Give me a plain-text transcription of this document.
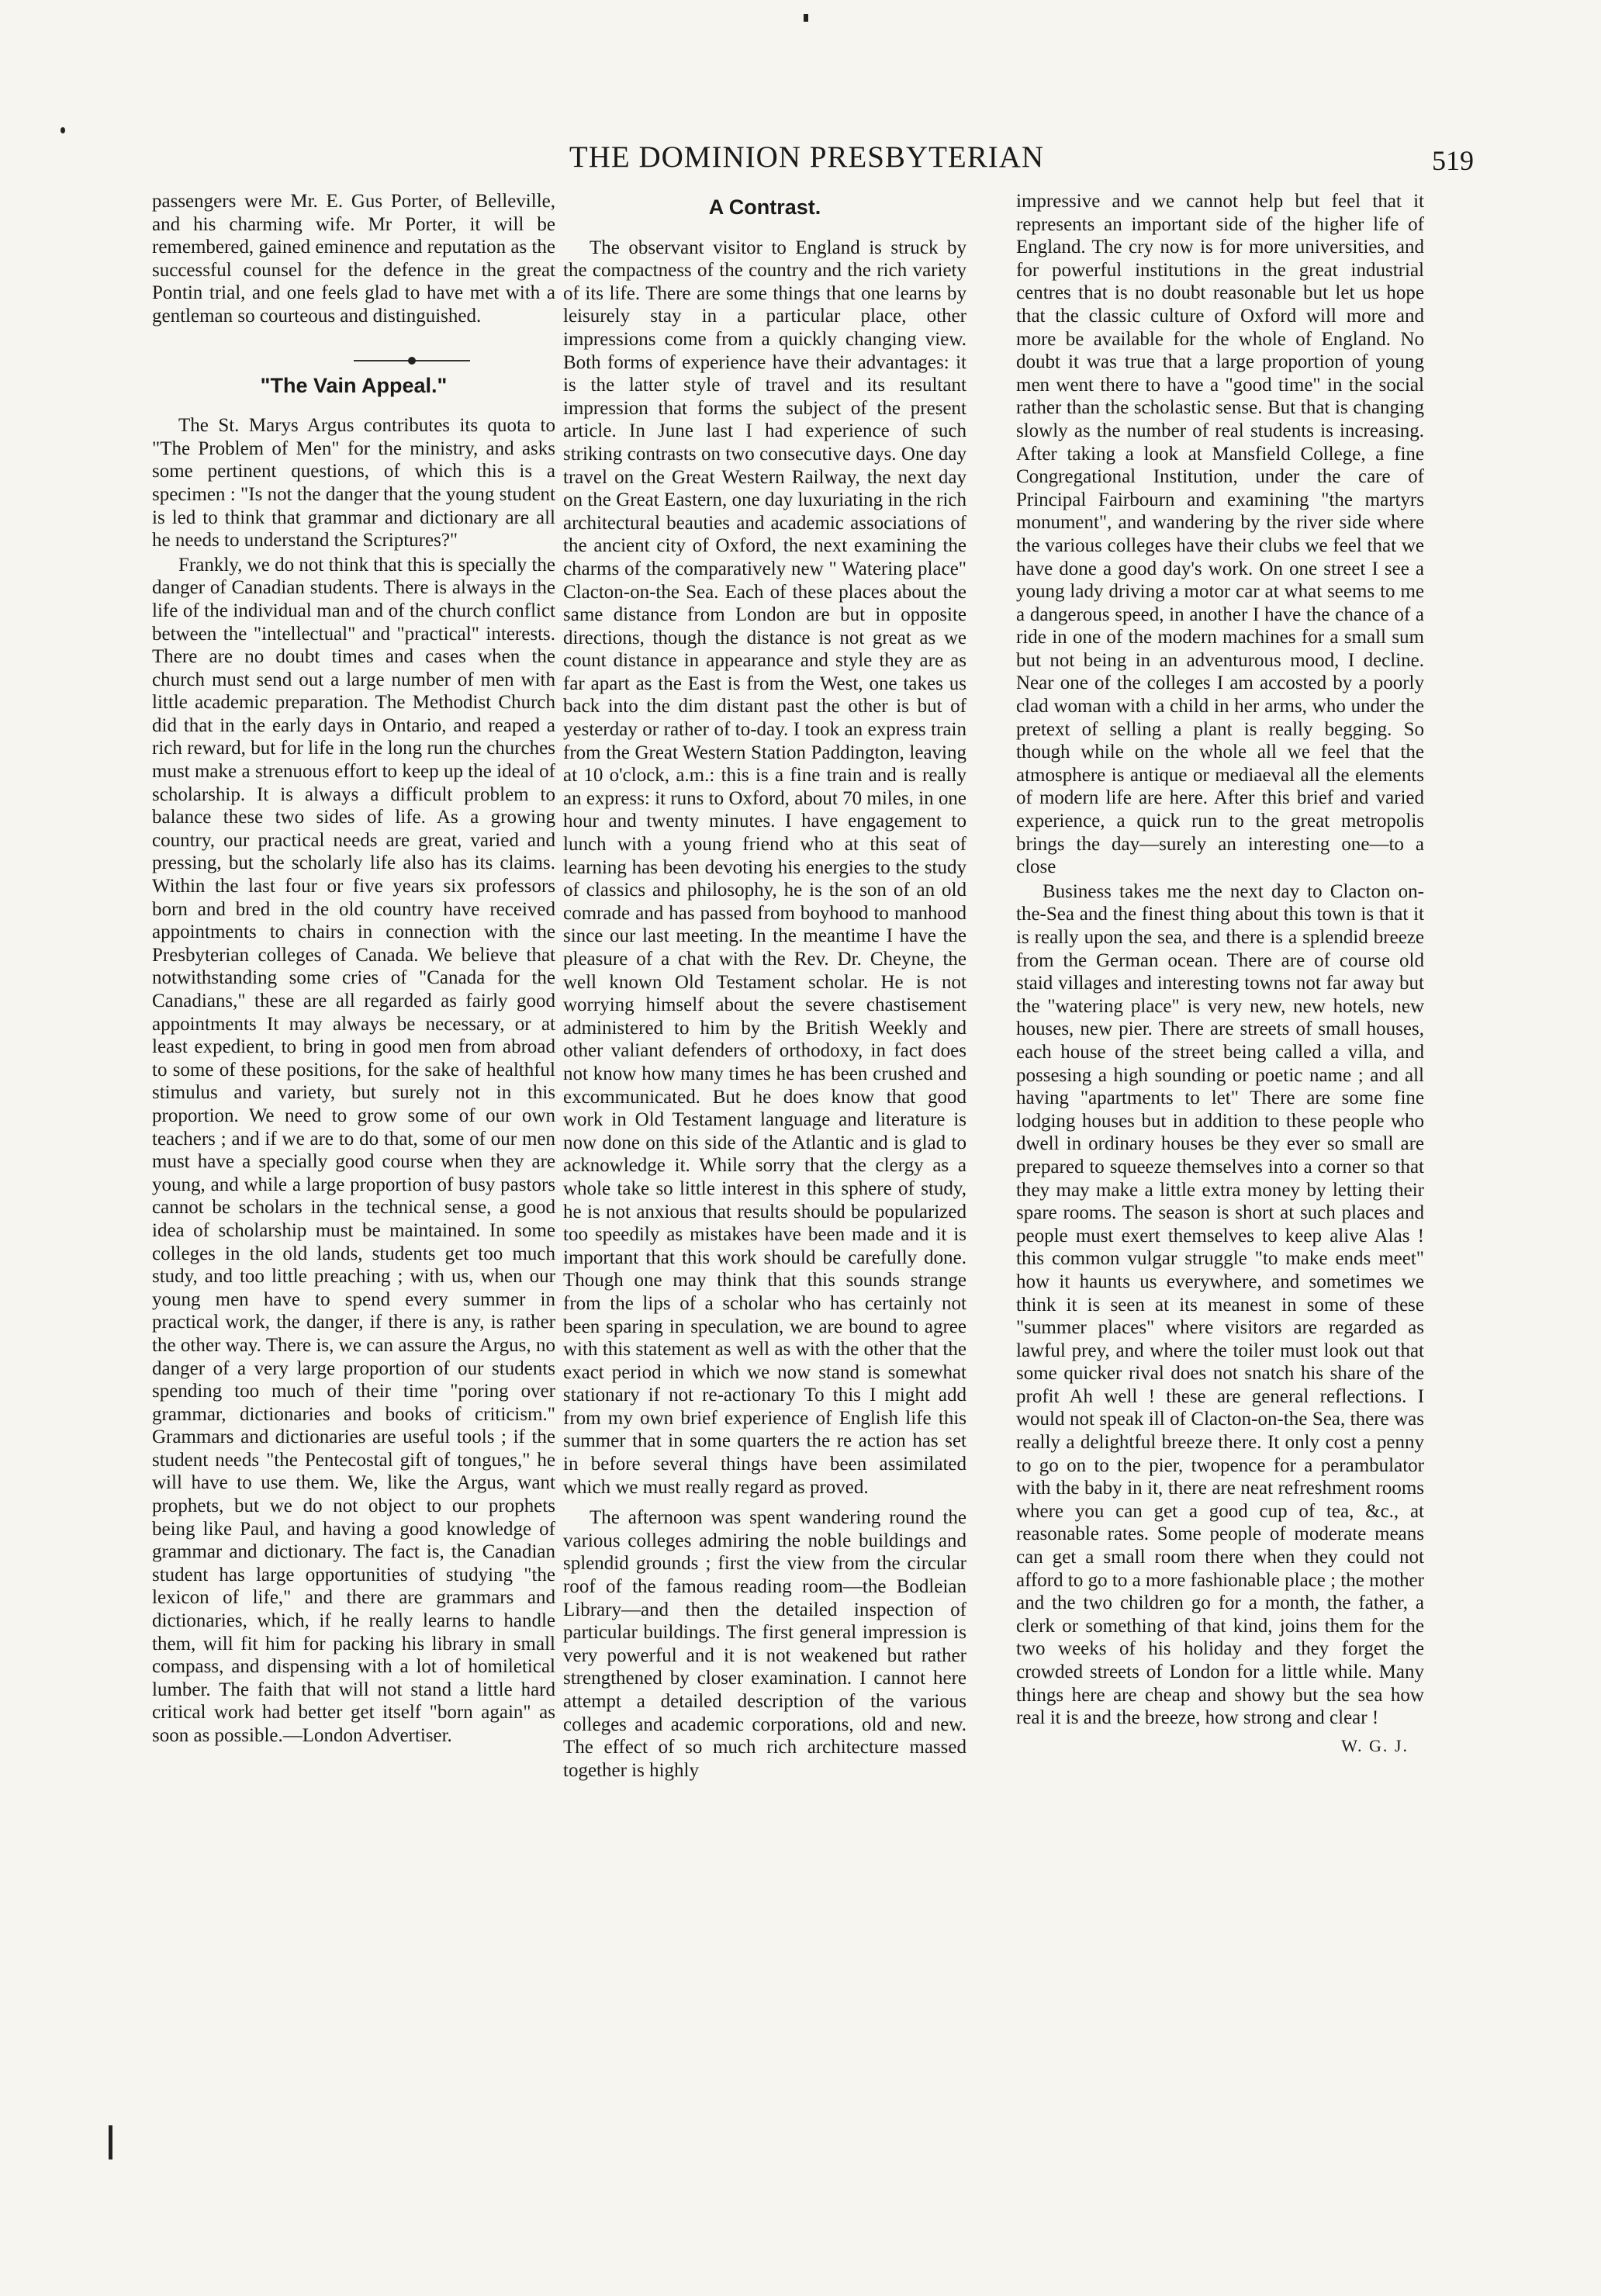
THE DOMINION PRESBYTERIAN	519

passengers were Mr. E. Gus Porter, of Belleville, and his charming wife. Mr Porter, it will be remembered, gained eminence and reputation as the successful counsel for the defence in the great Pontin trial, and one feels glad to have met with a gentleman so courteous and distinguished.

"The Vain Appeal."

The St. Marys Argus contributes its quota to "The Problem of Men" for the ministry, and asks some pertinent questions, of which this is a specimen : "Is not the danger that the young student is led to think that grammar and dictionary are all he needs to understand the Scriptures?"

Frankly, we do not think that this is specially the danger of Canadian students. There is always in the life of the individual man and of the church conflict between the "intellectual" and "practical" interests. There are no doubt times and cases when the church must send out a large number of men with little academic preparation. The Methodist Church did that in the early days in Ontario, and reaped a rich reward, but for life in the long run the churches must make a strenuous effort to keep up the ideal of scholarship. It is always a difficult problem to balance these two sides of life. As a growing country, our practical needs are great, varied and pressing, but the scholarly life also has its claims. Within the last four or five years six professors born and bred in the old country have received appointments to chairs in connection with the Presbyterian colleges of Canada. We believe that notwithstanding some cries of "Canada for the Canadians," these are all regarded as fairly good appointments It may always be necessary, or at least expedient, to bring in good men from abroad to some of these positions, for the sake of healthful stimulus and variety, but surely not in this proportion. We need to grow some of our own teachers ; and if we are to do that, some of our men must have a specially good course when they are young, and while a large proportion of busy pastors cannot be scholars in the technical sense, a good idea of scholarship must be maintained. In some colleges in the old lands, students get too much study, and too little preaching ; with us, when our young men have to spend every summer in practical work, the danger, if there is any, is rather the other way. There is, we can assure the Argus, no danger of a very large proportion of our students spending too much of their time "poring over grammar, dictionaries and books of criticism." Grammars and dictionaries are useful tools ; if the student needs "the Pentecostal gift of tongues," he will have to use them. We, like the Argus, want prophets, but we do not object to our prophets being like Paul, and having a good knowledge of grammar and dictionary. The fact is, the Canadian student has large opportunities of studying "the lexicon of life," and there are grammars and dictionaries, which, if he really learns to handle them, will fit him for packing his library in small compass, and dispensing with a lot of homiletical lumber. The faith that will not stand a little hard critical work had better get itself "born again" as soon as possible.—London Advertiser.

A Contrast.

The observant visitor to England is struck by the compactness of the country and the rich variety of its life. There are some things that one learns by leisurely stay in a particular place, other impressions come from a quickly changing view. Both forms of experience have their advantages: it is the latter style of travel and its resultant impression that forms the subject of the present article. In June last I had experience of such striking contrasts on two consecutive days. One day travel on the Great Western Railway, the next day on the Great Eastern, one day luxuriating in the rich architectural beauties and academic associations of the ancient city of Oxford, the next examining the charms of the comparatively new " Watering place" Clacton-on-the Sea. Each of these places about the same distance from London are but in opposite directions, though the distance is not great as we count distance in appearance and style they are as far apart as the East is from the West, one takes us back into the dim distant past the other is but of yesterday or rather of to-day. I took an express train from the Great Western Station Paddington, leaving at 10 o'clock, a.m.: this is a fine train and is really an express: it runs to Oxford, about 70 miles, in one hour and twenty minutes. I have engagement to lunch with a young friend who at this seat of learning has been devoting his energies to the study of classics and philosophy, he is the son of an old comrade and has passed from boyhood to manhood since our last meeting. In the meantime I have the pleasure of a chat with the Rev. Dr. Cheyne, the well known Old Testament scholar. He is not worrying himself about the severe chastisement administered to him by the British Weekly and other valiant defenders of orthodoxy, in fact does not know how many times he has been crushed and excommunicated. But he does know that good work in Old Testament language and literature is now done on this side of the Atlantic and is glad to acknowledge it. While sorry that the clergy as a whole take so little interest in this sphere of study, he is not anxious that results should be popularized too speedily as mistakes have been made and it is important that this work should be carefully done. Though one may think that this sounds strange from the lips of a scholar who has certainly not been sparing in speculation, we are bound to agree with this statement as well as with the other that the exact period in which we now stand is somewhat stationary if not re-actionary To this I might add from my own brief experience of English life this summer that in some quarters the re action has set in before several things have been assimilated which we must really regard as proved.

The afternoon was spent wandering round the various colleges admiring the noble buildings and splendid grounds ; first the view from the circular roof of the famous reading room—the Bodleian Library—and then the detailed inspection of particular buildings. The first general impression is very powerful and it is not weakened but rather strengthened by closer examination. I cannot here attempt a detailed description of the various colleges and academic corporations, old and new. The effect of so much rich architecture massed together is highly

impressive and we cannot help but feel that it represents an important side of the higher life of England. The cry now is for more universities, and for powerful institutions in the great industrial centres that is no doubt reasonable but let us hope that the classic culture of Oxford will more and more be available for the whole of England. No doubt it was true that a large proportion of young men went there to have a "good time" in the social rather than the scholastic sense. But that is changing slowly as the number of real students is increasing. After taking a look at Mansfield College, a fine Congregational Institution, under the care of Principal Fairbourn and examining "the martyrs monument", and wandering by the river side where the various colleges have their clubs we feel that we have done a good day's work. On one street I see a young lady driving a motor car at what seems to me a dangerous speed, in another I have the chance of a ride in one of the modern machines for a small sum but not being in an adventurous mood, I decline. Near one of the colleges I am accosted by a poorly clad woman with a child in her arms, who under the pretext of selling a plant is really begging. So though while on the whole all we feel that the atmosphere is antique or mediaeval all the elements of modern life are here. After this brief and varied experience, a quick run to the great metropolis brings the day—surely an interesting one—to a close

Business takes me the next day to Clacton on-the-Sea and the finest thing about this town is that it is really upon the sea, and there is a splendid breeze from the German ocean. There are of course old staid villages and interesting towns not far away but the "watering place" is very new, new hotels, new houses, new pier. There are streets of small houses, each house of the street being called a villa, and possesing a high sounding or poetic name ; and all having "apartments to let" There are some fine lodging houses but in addition to these people who dwell in ordinary houses be they ever so small are prepared to squeeze themselves into a corner so that they may make a little extra money by letting their spare rooms. The season is short at such places and people must exert themselves to keep alive Alas ! this common vulgar struggle "to make ends meet" how it haunts us everywhere, and sometimes we think it is seen at its meanest in some of these "summer places" where visitors are regarded as lawful prey, and where the toiler must look out that some quicker rival does not snatch his share of the profit Ah well ! these are general reflections. I would not speak ill of Clacton-on-the Sea, there was really a delightful breeze there. It only cost a penny to go on to the pier, twopence for a perambulator with the baby in it, there are neat refreshment rooms where you can get a good cup of tea, &c., at reasonable rates. Some people of moderate means can get a small room there when they could not afford to go to a more fashionable place ; the mother and the two children go for a month, the father, a clerk or something of that kind, joins them for the two weeks of his holiday and they forget the crowded streets of London for a little while. Many things here are cheap and showy but the sea how real it is and the breeze, how strong and clear !

W. G. J.
